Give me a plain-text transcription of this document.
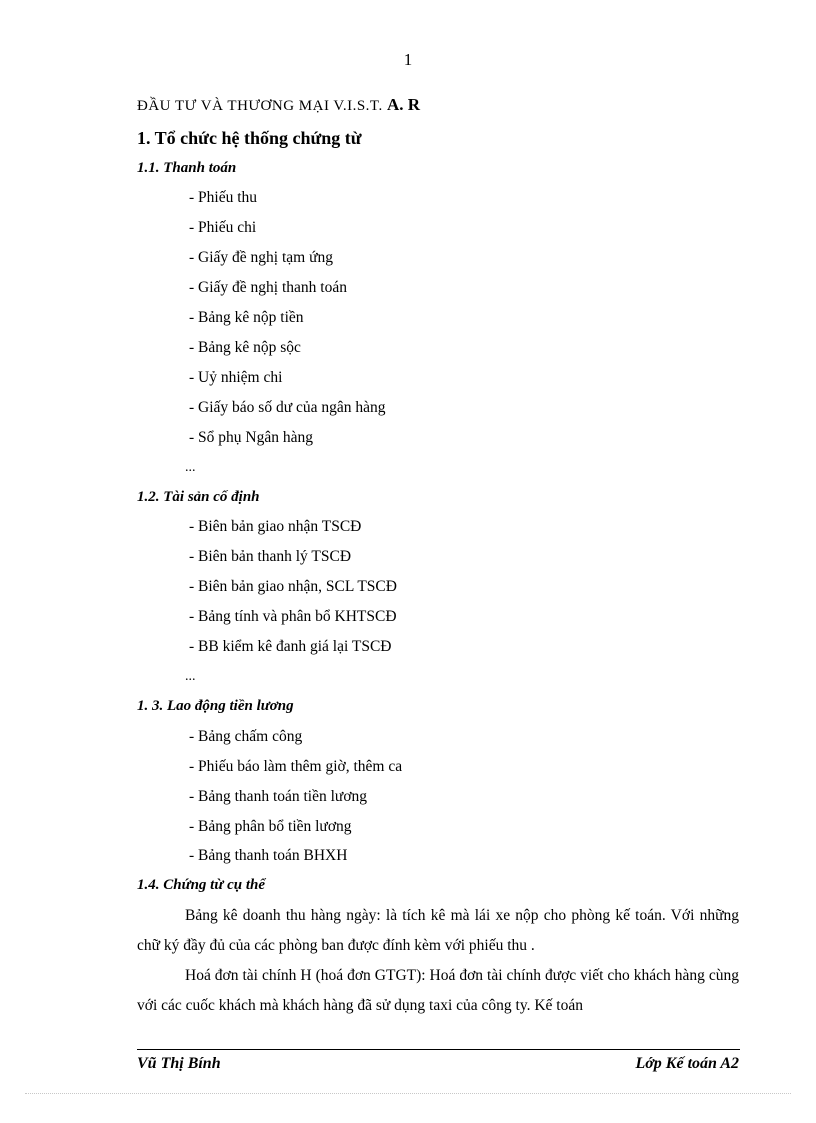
1
ĐẦU TƯ VÀ THƯƠNG MẠI V.I.S.T. A. R
1. Tổ chức hệ thống chứng từ
1.1. Thanh toán
- Phiếu thu
- Phiếu chi
- Giấy đề nghị tạm ứng
- Giấy đề nghị thanh toán
- Bảng kê nộp tiền
- Bảng kê nộp sộc
- Uỷ nhiệm chi
- Giấy báo số dư của ngân hàng
- Sổ phụ Ngân hàng
...
1.2. Tài sản cố định
- Biên bản giao nhận TSCĐ
- Biên bản thanh lý TSCĐ
- Biên bản giao nhận, SCL TSCĐ
- Bảng tính và phân bổ KHTSCĐ
- BB kiểm kê đanh giá lại TSCĐ
...
1. 3. Lao động tiền lương
- Bảng chấm công
- Phiếu báo làm thêm giờ, thêm ca
- Bảng thanh toán tiền lương
- Bảng phân bổ tiền lương
- Bảng thanh toán BHXH
1.4. Chứng từ cụ thể

Bảng kê doanh thu hàng ngày: là tích kê mà lái xe nộp cho phòng kế toán. Với những chữ ký đầy đủ của các phòng ban được đính kèm với phiếu thu .

Hoá đơn tài chính H (hoá đơn GTGT): Hoá đơn tài chính được viết cho khách hàng cùng với các cuốc khách mà khách hàng đã sử dụng taxi của công ty. Kế toán

Vũ Thị Bính	Lớp Kế toán A2
